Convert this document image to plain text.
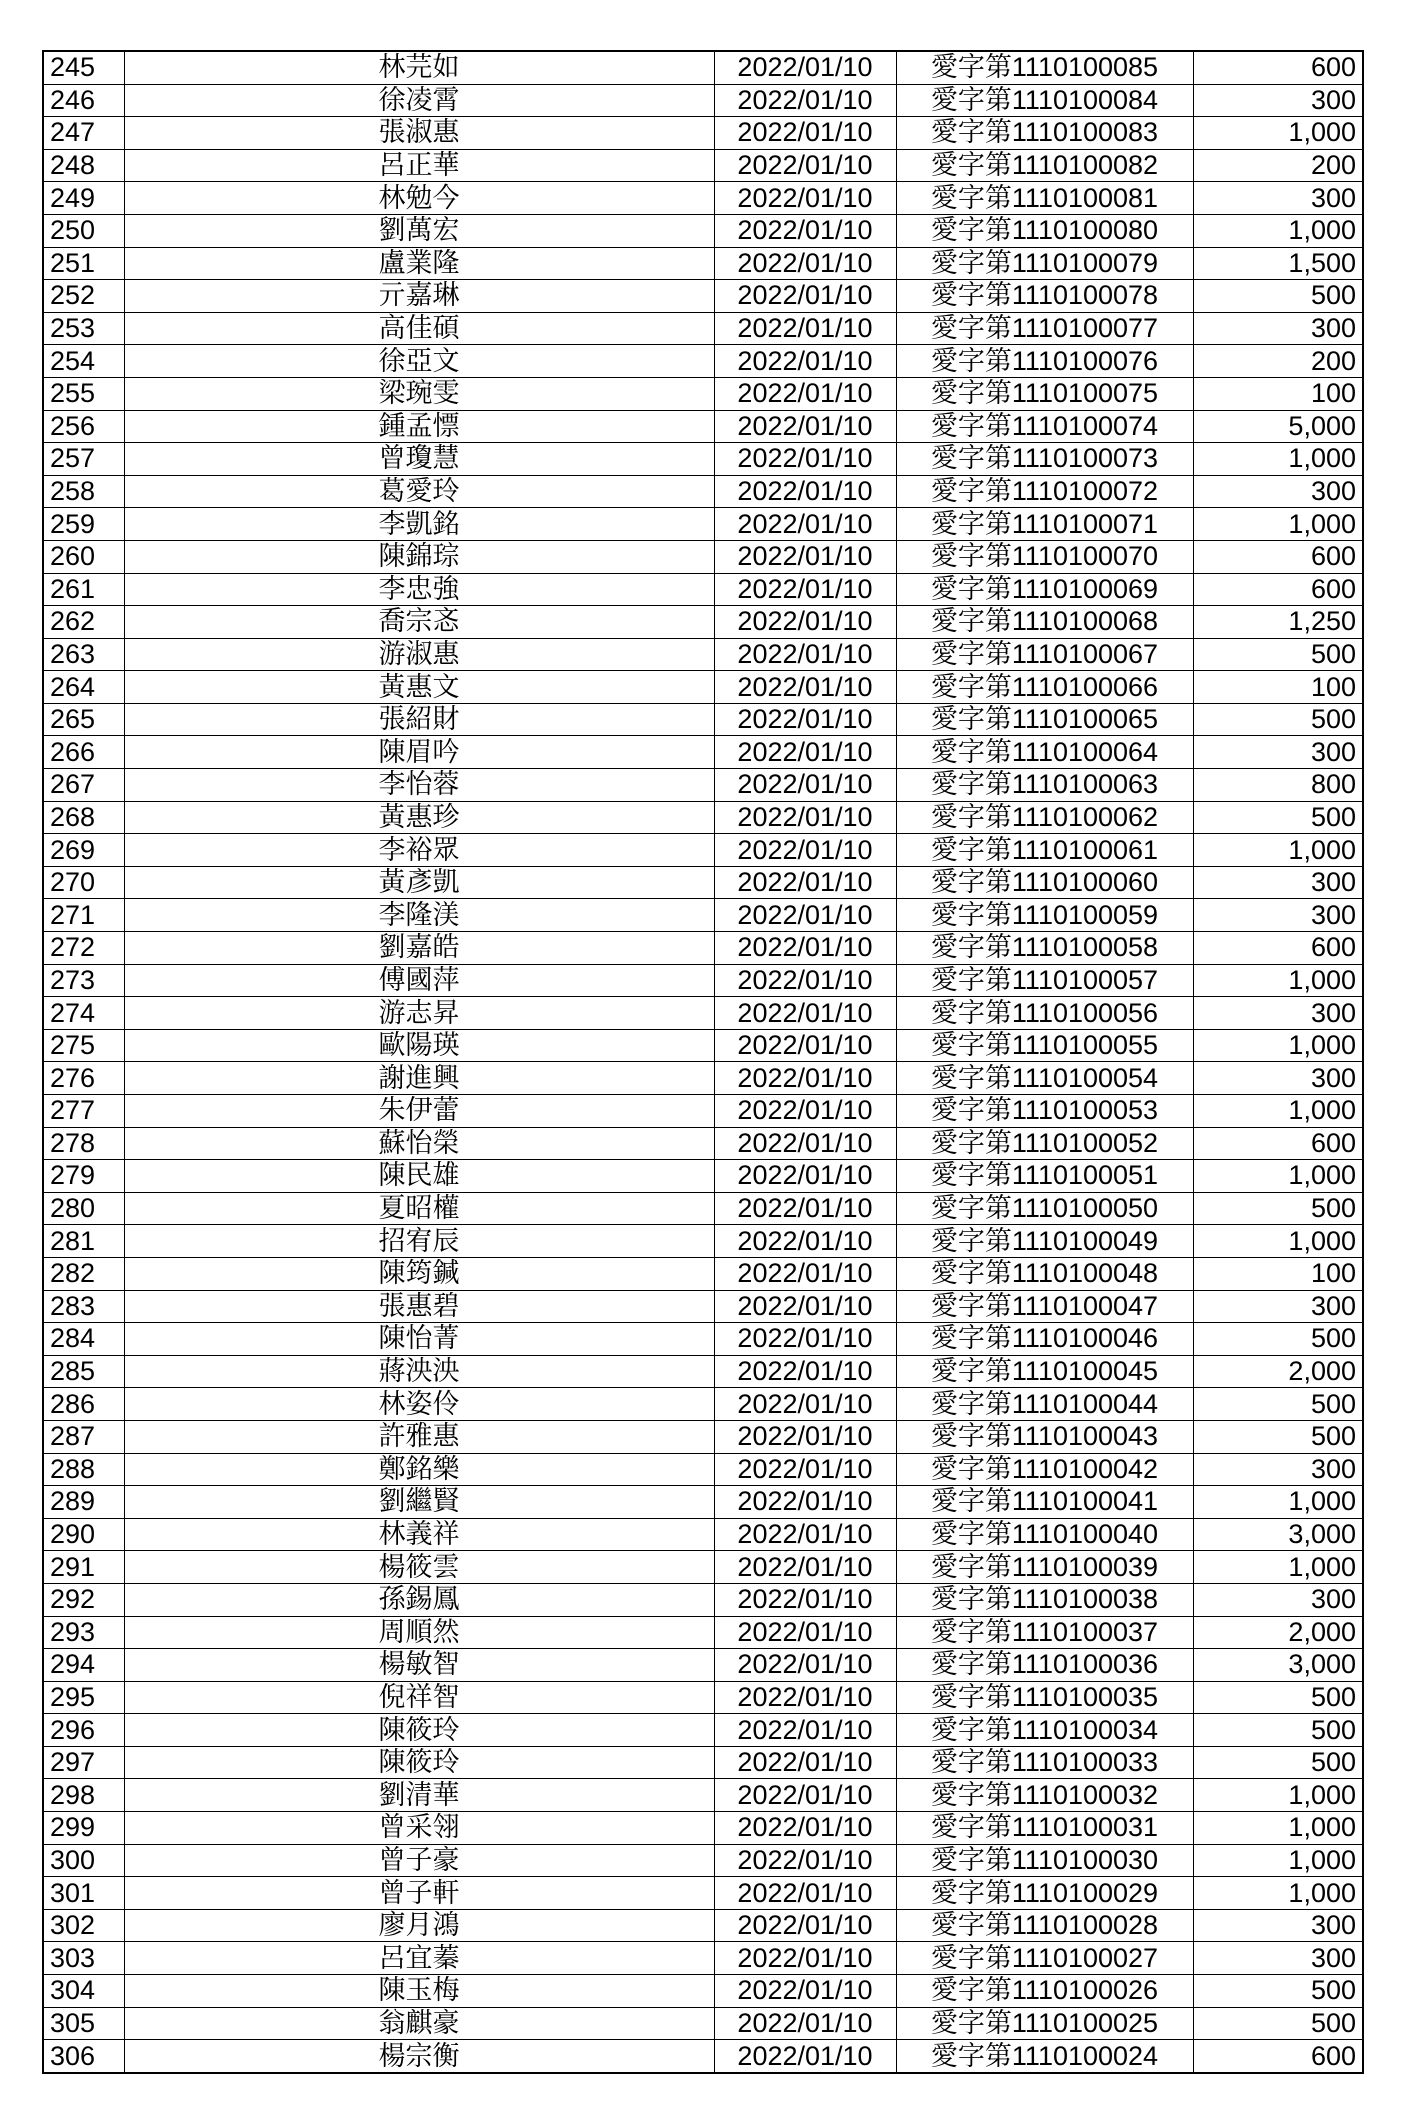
245	林芫如	2022/01/10	愛字第1110100085	600
246	徐凌霄	2022/01/10	愛字第1110100084	300
247	張淑惠	2022/01/10	愛字第1110100083	1,000
248	呂正華	2022/01/10	愛字第1110100082	200
249	林勉今	2022/01/10	愛字第1110100081	300
250	劉萬宏	2022/01/10	愛字第1110100080	1,000
251	盧業隆	2022/01/10	愛字第1110100079	1,500
252	亓嘉琳	2022/01/10	愛字第1110100078	500
253	高佳碩	2022/01/10	愛字第1110100077	300
254	徐亞文	2022/01/10	愛字第1110100076	200
255	梁琬雯	2022/01/10	愛字第1110100075	100
256	鍾孟慓	2022/01/10	愛字第1110100074	5,000
257	曾瓊慧	2022/01/10	愛字第1110100073	1,000
258	葛愛玲	2022/01/10	愛字第1110100072	300
259	李凱銘	2022/01/10	愛字第1110100071	1,000
260	陳錦琮	2022/01/10	愛字第1110100070	600
261	李忠強	2022/01/10	愛字第1110100069	600
262	喬宗忞	2022/01/10	愛字第1110100068	1,250
263	游淑惠	2022/01/10	愛字第1110100067	500
264	黃惠文	2022/01/10	愛字第1110100066	100
265	張紹財	2022/01/10	愛字第1110100065	500
266	陳眉吟	2022/01/10	愛字第1110100064	300
267	李怡蓉	2022/01/10	愛字第1110100063	800
268	黃惠珍	2022/01/10	愛字第1110100062	500
269	李裕眾	2022/01/10	愛字第1110100061	1,000
270	黃彥凱	2022/01/10	愛字第1110100060	300
271	李隆渼	2022/01/10	愛字第1110100059	300
272	劉嘉皓	2022/01/10	愛字第1110100058	600
273	傅國萍	2022/01/10	愛字第1110100057	1,000
274	游志昇	2022/01/10	愛字第1110100056	300
275	歐陽瑛	2022/01/10	愛字第1110100055	1,000
276	謝進興	2022/01/10	愛字第1110100054	300
277	朱伊蕾	2022/01/10	愛字第1110100053	1,000
278	蘇怡榮	2022/01/10	愛字第1110100052	600
279	陳民雄	2022/01/10	愛字第1110100051	1,000
280	夏昭權	2022/01/10	愛字第1110100050	500
281	招宥辰	2022/01/10	愛字第1110100049	1,000
282	陳筠鍼	2022/01/10	愛字第1110100048	100
283	張惠碧	2022/01/10	愛字第1110100047	300
284	陳怡菁	2022/01/10	愛字第1110100046	500
285	蔣泱泱	2022/01/10	愛字第1110100045	2,000
286	林姿伶	2022/01/10	愛字第1110100044	500
287	許雅惠	2022/01/10	愛字第1110100043	500
288	鄭銘樂	2022/01/10	愛字第1110100042	300
289	劉繼賢	2022/01/10	愛字第1110100041	1,000
290	林義祥	2022/01/10	愛字第1110100040	3,000
291	楊筱雲	2022/01/10	愛字第1110100039	1,000
292	孫錫鳳	2022/01/10	愛字第1110100038	300
293	周順然	2022/01/10	愛字第1110100037	2,000
294	楊敏智	2022/01/10	愛字第1110100036	3,000
295	倪祥智	2022/01/10	愛字第1110100035	500
296	陳筱玲	2022/01/10	愛字第1110100034	500
297	陳筱玲	2022/01/10	愛字第1110100033	500
298	劉清華	2022/01/10	愛字第1110100032	1,000
299	曾采翎	2022/01/10	愛字第1110100031	1,000
300	曾子豪	2022/01/10	愛字第1110100030	1,000
301	曾子軒	2022/01/10	愛字第1110100029	1,000
302	廖月鴻	2022/01/10	愛字第1110100028	300
303	呂宜蓁	2022/01/10	愛字第1110100027	300
304	陳玉梅	2022/01/10	愛字第1110100026	500
305	翁麒豪	2022/01/10	愛字第1110100025	500
306	楊宗衡	2022/01/10	愛字第1110100024	600
